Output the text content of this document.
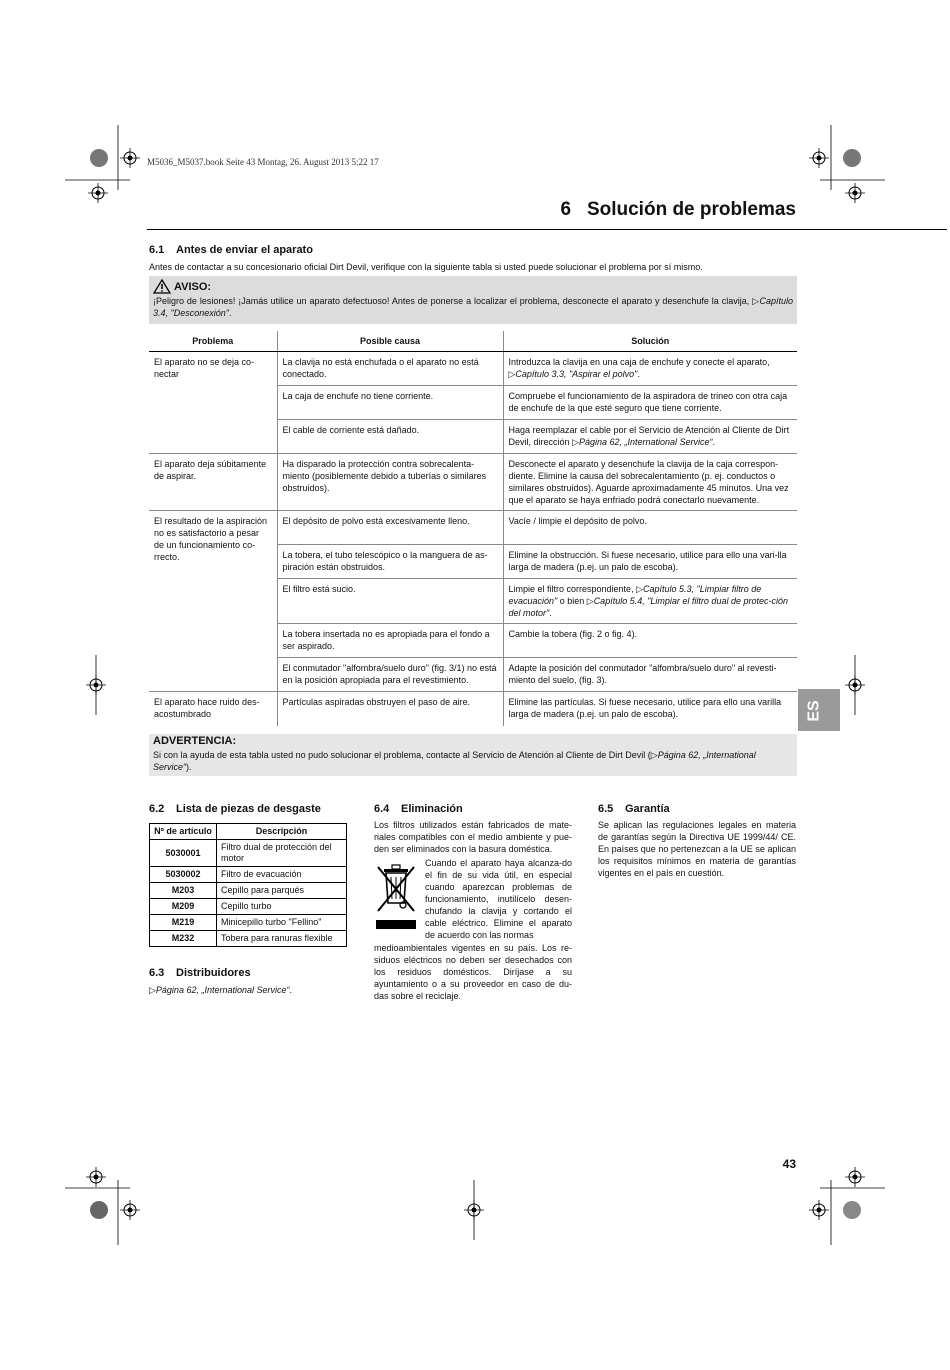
M5036_M5037.book Seite 43 Montag, 26. August 2013 5:22 17
6 Solución de problemas
6.1 Antes de enviar el aparato
Antes de contactar a su concesionario oficial Dirt Devil, verifique con la siguiente tabla si usted puede solucionar el problema por sí mismo.
AVISO:
¡Peligro de lesiones! ¡Jamás utilice un aparato defectuoso! Antes de ponerse a localizar el problema, desconecte el aparato y desenchufe la clavija, ▷Capítulo 3.4, "Desconexión".
Problema	Posible causa	Solución
El aparato no se deja co-nectar	La clavija no está enchufada o el aparato no está conectado.	Introduzca la clavija en una caja de enchufe y conecte el aparato, ▷Capítulo 3.3, "Aspirar el polvo".
	La caja de enchufe no tiene corriente.	Compruebe el funcionamiento de la aspiradora de trineo con otra caja de enchufe de la que esté seguro que tiene corriente.
	El cable de corriente está dañado.	Haga reemplazar el cable por el Servicio de Atención al Cliente de Dirt Devil, dirección ▷Página 62, „International Service“.
El aparato deja súbitamente de aspirar.	Ha disparado la protección contra sobrecalenta-miento (posiblemente debido a tuberías o similares obstruidos).	Desconecte el aparato y desenchufe la clavija de la caja correspon-diente. Elimine la causa del sobrecalentamiento (p. ej. conductos o similares obstruidos). Aguarde aproximadamente 45 minutos. Una vez que el aparato se haya enfriado podrá conectarlo nuevamente.
El resultado de la aspiración no es satisfactorio a pesar de un funcionamiento co-rrecto.	El depósito de polvo está excesivamente lleno.	Vacíe / limpie el depósito de polvo.
	La tobera, el tubo telescópico o la manguera de as-piración están obstruidos.	Elimine la obstrucción. Si fuese necesario, utilice para ello una vari-lla larga de madera (p.ej. un palo de escoba).
	El filtro está sucio.	Limpie el filtro correspondiente, ▷Capítulo 5.3, "Limpiar filtro de evacuación" o bien ▷Capítulo 5.4, "Limpiar el filtro dual de protec-ción del motor".
	La tobera insertada no es apropiada para el fondo a ser aspirado.	Cambie la tobera (fig. 2 o fig. 4).
	El conmutador "alfombra/suelo duro" (fig. 3/1) no está en la posición apropiada para el revestimiento.	Adapte la posición del conmutador "alfombra/suelo duro" al revesti-miento del suelo, (fig. 3).
El aparato hace ruido des-acostumbrado	Partículas aspiradas obstruyen el paso de aire.	Elimine las partículas. Si fuese necesario, utilice para ello una varilla larga de madera (p.ej. un palo de escoba).
ADVERTENCIA:
Si con la ayuda de esta tabla usted no pudo solucionar el problema, contacte al Servicio de Atención al Cliente de Dirt Devil (▷Página 62, „International Service“).
6.2 Lista de piezas de desgaste
Nº de artículo	Descripción
5030001	Filtro dual de protección del motor
5030002	Filtro de evacuación
M203	Cepillo para parqués
M209	Cepillo turbo
M219	Minicepillo turbo "Fellino"
M232	Tobera para ranuras flexible
6.3 Distribuidores
▷Página 62, „International Service“.
6.4 Eliminación
Los filtros utilizados están fabricados de mate-riales compatibles con el medio ambiente y pue-den ser eliminados con la basura doméstica.
Cuando el aparato haya alcanza-do el fin de su vida útil, en especial cuando aparezcan problemas de funcionamiento, inutilícelo desen-chufando la clavija y cortando el cable eléctrico. Elimine el aparato de acuerdo con las normas
medioambientales vigentes en su país. Los re-siduos eléctricos no deben ser desechados con los residuos domésticos. Diríjase a su ayuntamiento o a su proveedor en caso de du-das sobre el reciclaje.
6.5 Garantía
Se aplican las regulaciones legales en materia de garantías según la Directiva UE 1999/44/ CE. En países que no pertenezcan a la UE se aplican los requisitos mínimos en materia de garantías vigentes en el país en cuestión.
ES
43
